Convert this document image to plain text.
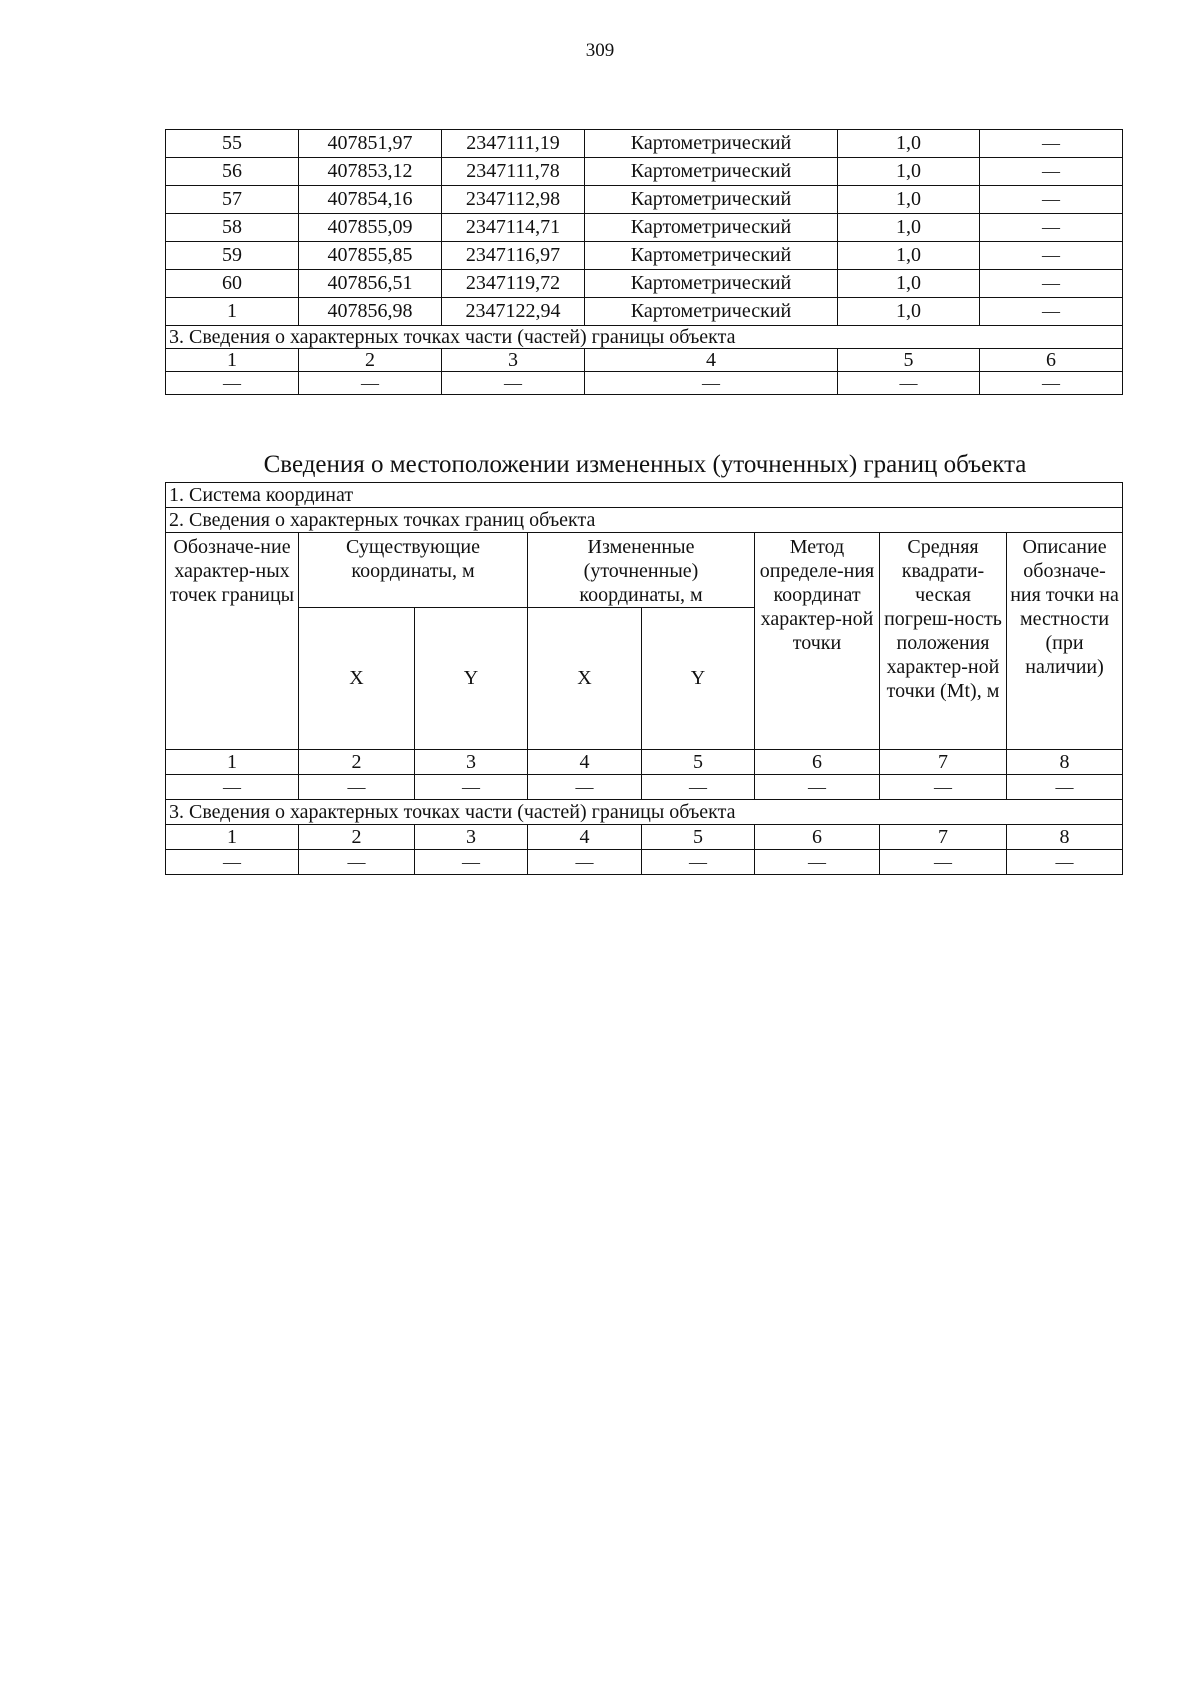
309
55	407851,97	2347111,19	Картометрический	1,0	—
56	407853,12	2347111,78	Картометрический	1,0	—
57	407854,16	2347112,98	Картометрический	1,0	—
58	407855,09	2347114,71	Картометрический	1,0	—
59	407855,85	2347116,97	Картометрический	1,0	—
60	407856,51	2347119,72	Картометрический	1,0	—
1	407856,98	2347122,94	Картометрический	1,0	—
3. Сведения о характерных точках части (частей) границы объекта					
1	2	3	4	5	6
—	—	—	—	—	—
Сведения о местоположении измененных (уточненных) границ объекта
1. Система координат							
2. Сведения о характерных точках границ объекта							
Обозначе-ние характер-ных точек границы	Существующие координаты, м		Измененные (уточненные) координаты, м		Метод определе-ния координат характер-ной точки	Средняя квадрати-ческая погреш-ность положения характер-ной точки (Mt), м	Описание обозначе-ния точки на местности (при наличии)
	X	Y	X	Y			
1	2	3	4	5	6	7	8
—	—	—	—	—	—	—	—
3. Сведения о характерных точках части (частей) границы объекта							
1	2	3	4	5	6	7	8
—	—	—	—	—	—	—	—
